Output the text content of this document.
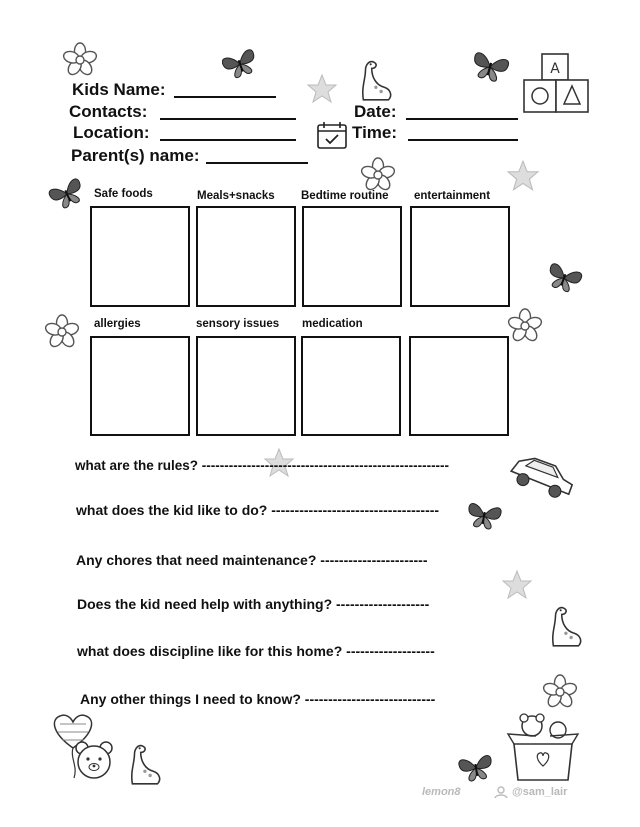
A
Kids Name:
Contacts:
Location:
Parent(s) name:
Date:
Time:
Safe foods	Meals+snacks Bedtime routine entertainment
allergies	sensory issues medication
what are the rules? -------------------------------------------------------
what does the kid like to do? ------------------------------------
Any chores that need maintenance? -----------------------
Does the kid need help with anything? --------------------
what does discipline like for this home? -------------------
Any other things I need to know? ----------------------------
lemon8	@sam_lair
